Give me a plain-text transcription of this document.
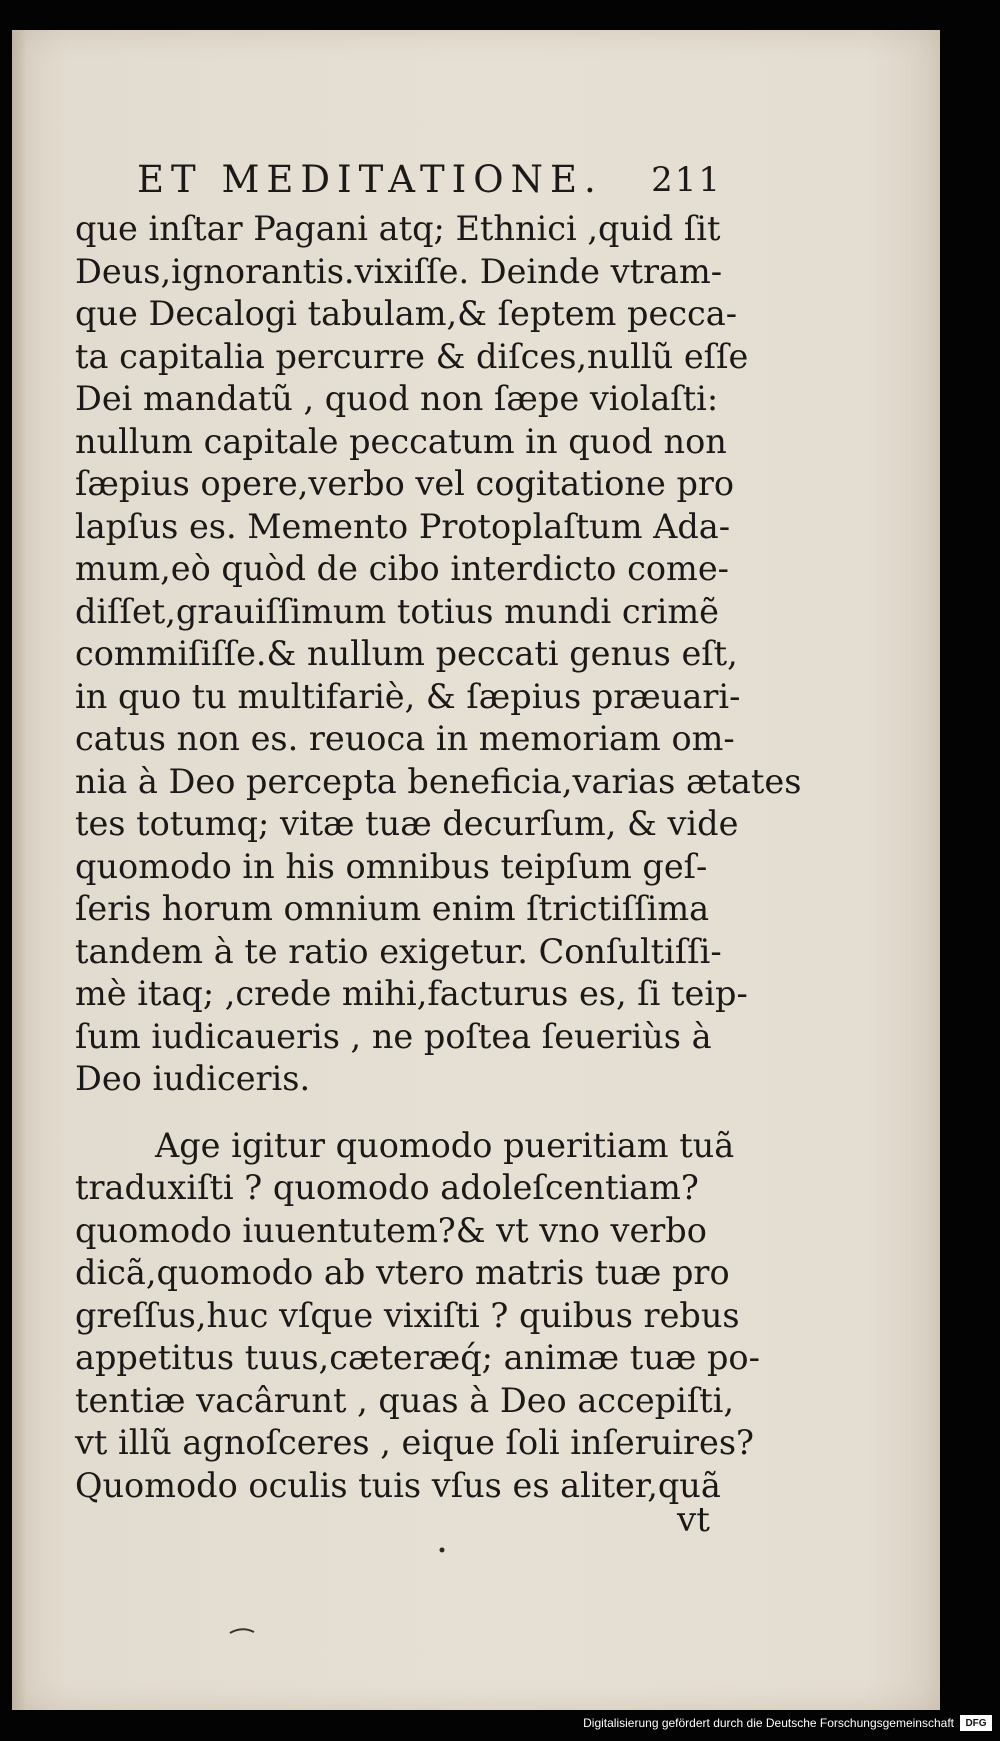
ET MEDITATIONE. 211
que inſtar Pagani atq; Ethnici ,quid ſit
Deus,ignorantis.vixiſſe. Deinde vtram-
que Decalogi tabulam,& ſeptem pecca-
ta capitalia percurre & diſces,nullũ eſſe
Dei mandatũ , quod non ſæpe violaſti:
nullum capitale peccatum in quod non
ſæpius opere,verbo vel cogitatione pro
lapſus es. Memento Protoplaſtum Ada-
mum,eò quòd de cibo interdicto come-
diſſet,grauiſſimum totius mundi crimẽ
commiſiſſe.& nullum peccati genus eſt,
in quo tu multifariè, & ſæpius præuari-
catus non es. reuoca in memoriam om-
nia à Deo percepta beneficia,varias ætates
tes totumq; vitæ tuæ decurſum, & vide
quomodo in his omnibus teipſum geſ-
ſeris horum omnium enim ſtrictiſſima
tandem à te ratio exigetur. Conſultiſſi-
mè itaq; ,crede mihi,facturus es, ſi teip-
ſum iudicaueris , ne poſtea ſeueriùs à
Deo iudiceris.
Age igitur quomodo pueritiam tuã
traduxiſti ? quomodo adoleſcentiam?
quomodo iuuentutem?& vt vno verbo
dicã,quomodo ab vtero matris tuæ pro
greſſus,huc vſque vixiſti ? quibus rebus
appetitus tuus,cæteræq́; animæ tuæ po-
tentiæ vacârunt , quas à Deo accepiſti,
vt illũ agnoſceres , eique ſoli inſeruires?
Quomodo oculis tuis vſus es aliter,quã
vt
Digitalisierung gefördert durch die Deutsche Forschungsgemeinschaft	DFG
